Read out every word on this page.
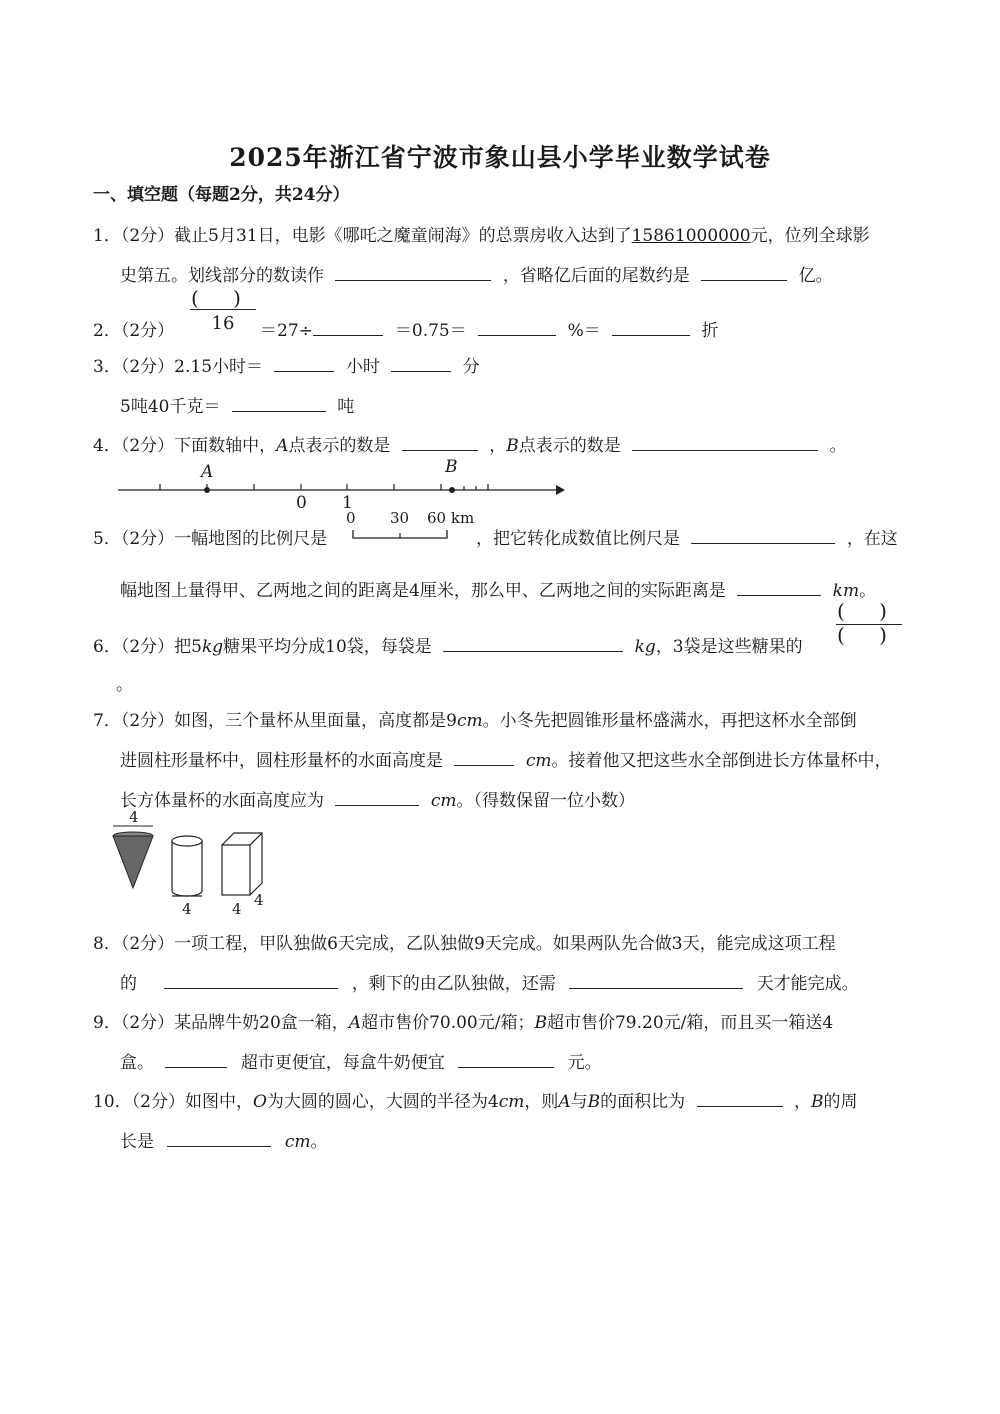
2025年浙江省宁波市象山县小学毕业数学试卷
一、填空题（每题2分，共24分）
1．（2分）截止5月31日，电影《哪吒之魔童闹海》的总票房收入达到了15861000000元，位列全球影
史第五。划线部分的数读作	，省略亿后面的尾数约是	亿。
2．（2分）
( )
16	＝27÷	＝0.75＝	%＝	折
3．（2分）2.15小时＝	小时	分
5吨40千克＝	吨
4．（2分）下面数轴中，A点表示的数是	，B点表示的数是	。
A	B
0 1
0 30 60 km
5．（2分）一幅地图的比例尺是	，把它转化成数值比例尺是	，在这
幅地图上量得甲、乙两地之间的距离是4厘米，那么甲、乙两地之间的实际距离是	km。
6．（2分）把5kg糖果平均分成10袋，每袋是	kg，3袋是这些糖果的
( )
( )
。
7．（2分）如图，三个量杯从里面量，高度都是9cm。小冬先把圆锥形量杯盛满水，再把这杯水全部倒
进圆柱形量杯中，圆柱形量杯的水面高度是	cm。接着他又把这些水全部倒进长方体量杯中，
长方体量杯的水面高度应为	cm。（得数保留一位小数）
4
4	4 4
8．（2分）一项工程，甲队独做6天完成，乙队独做9天完成。如果两队先合做3天，能完成这项工程
的	，剩下的由乙队独做，还需	天才能完成。
9．（2分）某品牌牛奶20盒一箱，A超市售价70.00元/箱；B超市售价79.20元/箱，而且买一箱送4
盒。	超市更便宜，每盒牛奶便宜	元。
10．（2分）如图中，O为大圆的圆心，大圆的半径为4cm，则A与B的面积比为	，B的周
长是	cm。
